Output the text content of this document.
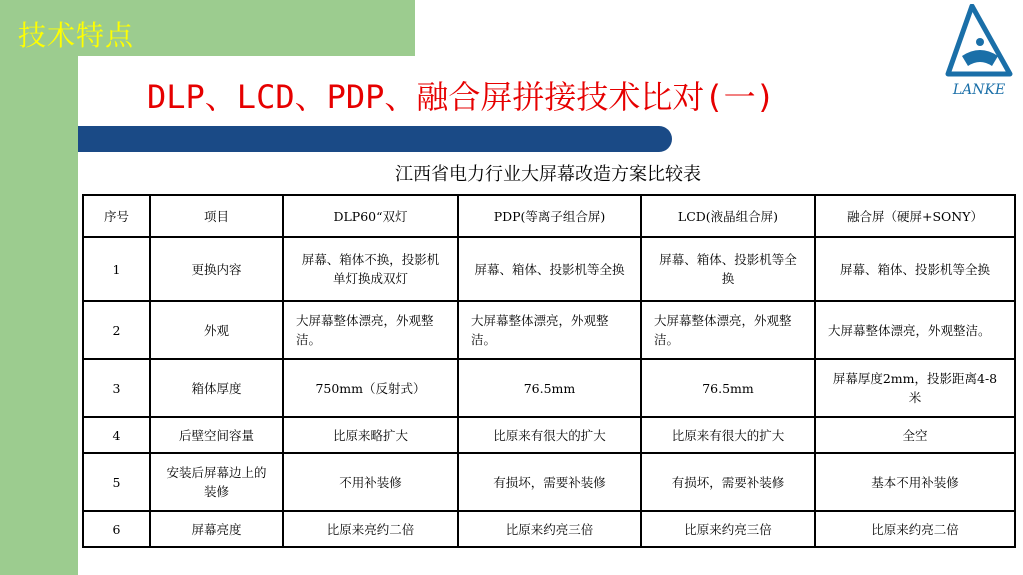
技术特点
DLP、LCD、PDP、融合屏拼接技术比对(一)	LANKE
江西省电力行业大屏幕改造方案比较表
序号	项目	DLP60“双灯	PDP(等离子组合屏)	LCD(液晶组合屏)	融合屏（硬屏+SONY）
1	更换内容	屏幕、箱体不换，投影机单灯换成双灯	屏幕、箱体、投影机等全换	屏幕、箱体、投影机等全换	屏幕、箱体、投影机等全换
2	外观	大屏幕整体漂亮，外观整洁。	大屏幕整体漂亮，外观整洁。	大屏幕整体漂亮，外观整洁。	大屏幕整体漂亮，外观整洁。
3	箱体厚度	750mm（反射式）	76.5mm	76.5mm	屏幕厚度2mm，投影距离4-8米
4	后壁空间容量	比原来略扩大	比原来有很大的扩大	比原来有很大的扩大	全空
5	安装后屏幕边上的装修	不用补装修	有损坏，需要补装修	有损坏，需要补装修	基本不用补装修
6	屏幕亮度	比原来亮约二倍	比原来约亮三倍	比原来约亮三倍	比原来约亮二倍
